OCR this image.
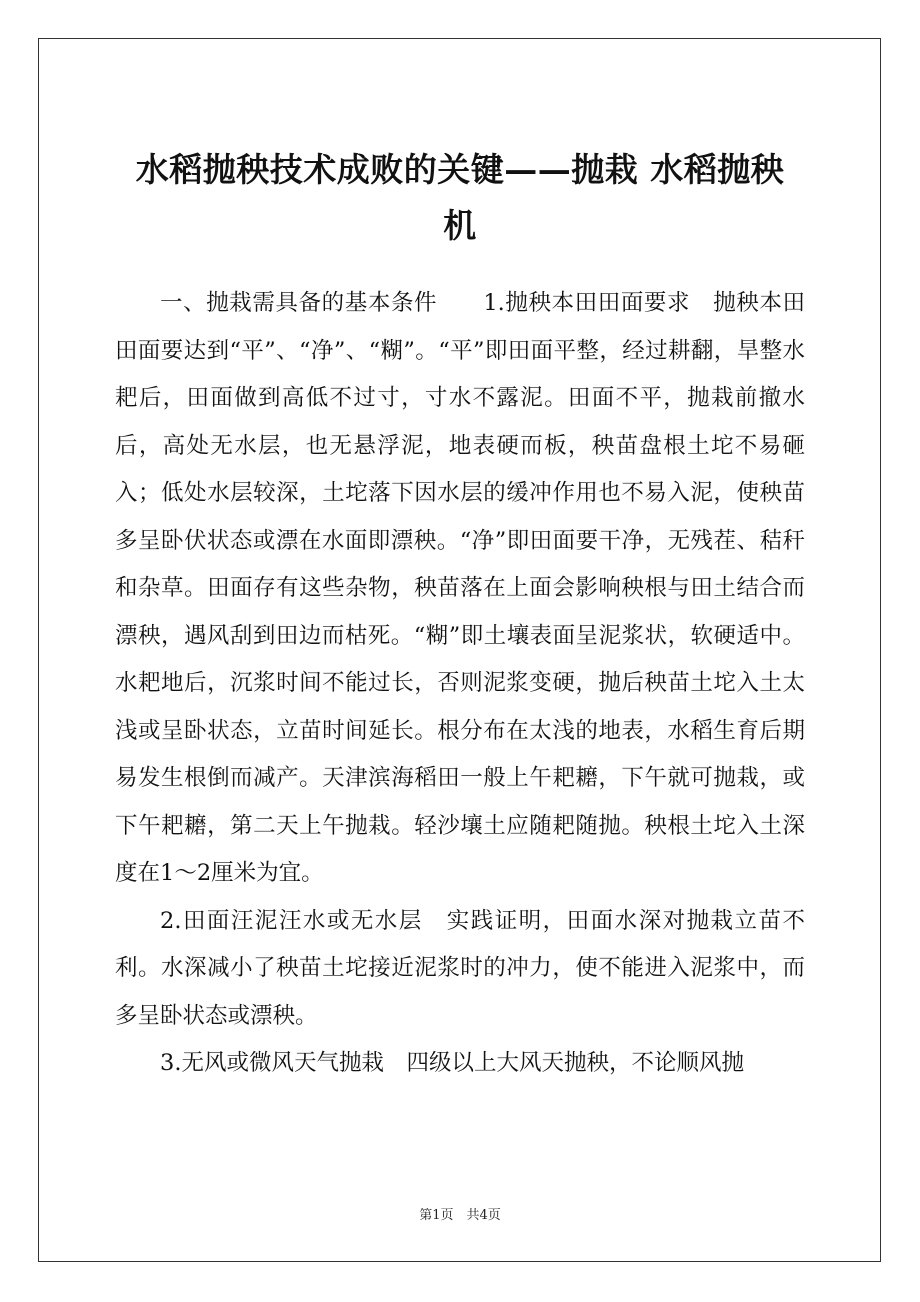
水稻抛秧技术成败的关键——抛栽 水稻抛秧
机

一、抛栽需具备的基本条件　　1.抛秧本田田面要求　抛秧本田田面要达到“平”、“净”、“糊”。“平”即田面平整，经过耕翻，旱整水耙后，田面做到高低不过寸，寸水不露泥。田面不平，抛栽前撤水后，高处无水层，也无悬浮泥，地表硬而板，秧苗盘根土坨不易砸入；低处水层较深，土坨落下因水层的缓冲作用也不易入泥，使秧苗多呈卧伏状态或漂在水面即漂秧。“净”即田面要干净，无残茬、秸秆和杂草。田面存有这些杂物，秧苗落在上面会影响秧根与田土结合而漂秧，遇风刮到田边而枯死。“糊”即土壤表面呈泥浆状，软硬适中。水耙地后，沉浆时间不能过长，否则泥浆变硬，抛后秧苗土坨入土太浅或呈卧状态，立苗时间延长。根分布在太浅的地表，水稻生育后期易发生根倒而减产。天津滨海稻田一般上午耙耱，下午就可抛栽，或下午耙耱，第二天上午抛栽。轻沙壤土应随耙随抛。秧根土坨入土深度在1～2厘米为宜。

2.田面汪泥汪水或无水层　实践证明，田面水深对抛栽立苗不利。水深减小了秧苗土坨接近泥浆时的冲力，使不能进入泥浆中，而多呈卧状态或漂秧。

3.无风或微风天气抛栽　四级以上大风天抛秧，不论顺风抛

第1页　共4页
